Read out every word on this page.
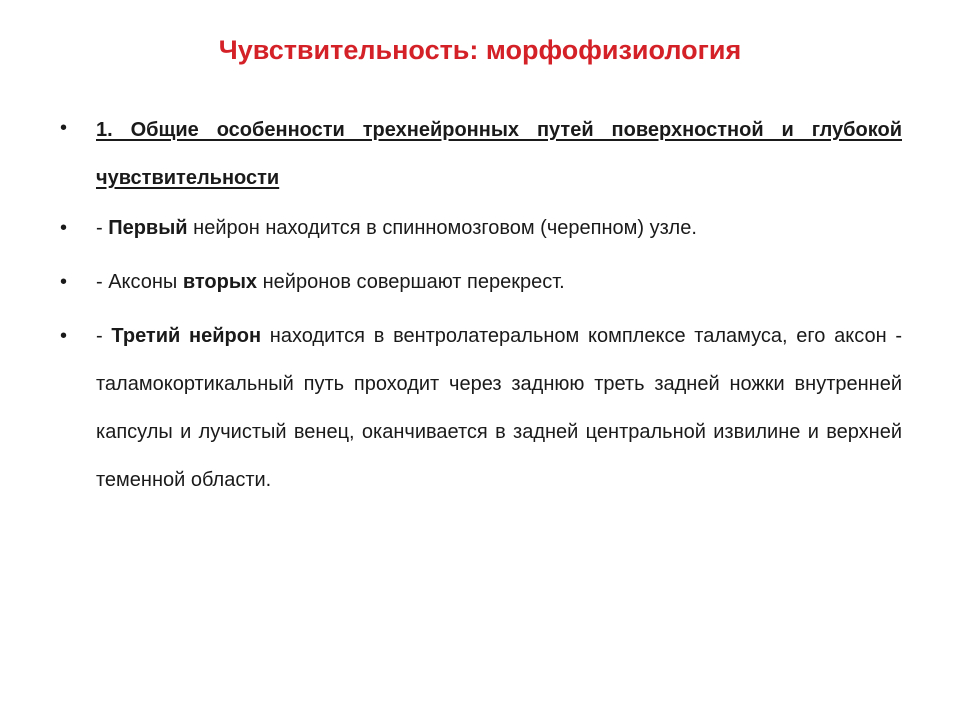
Чувствительность: морфофизиология
•	1. Общие особенности трехнейронных путей поверхностной и глубокой чувствительности
•	- Первый нейрон находится в спинномозговом (черепном) узле.
•	- Аксоны вторых нейронов совершают перекрест.
•	- Третий нейрон находится в вентролатеральном комплексе таламуса, его аксон - таламокортикальный путь проходит через заднюю треть задней ножки внутренней капсулы и лучистый венец, оканчивается в задней центральной извилине и верхней теменной области.
